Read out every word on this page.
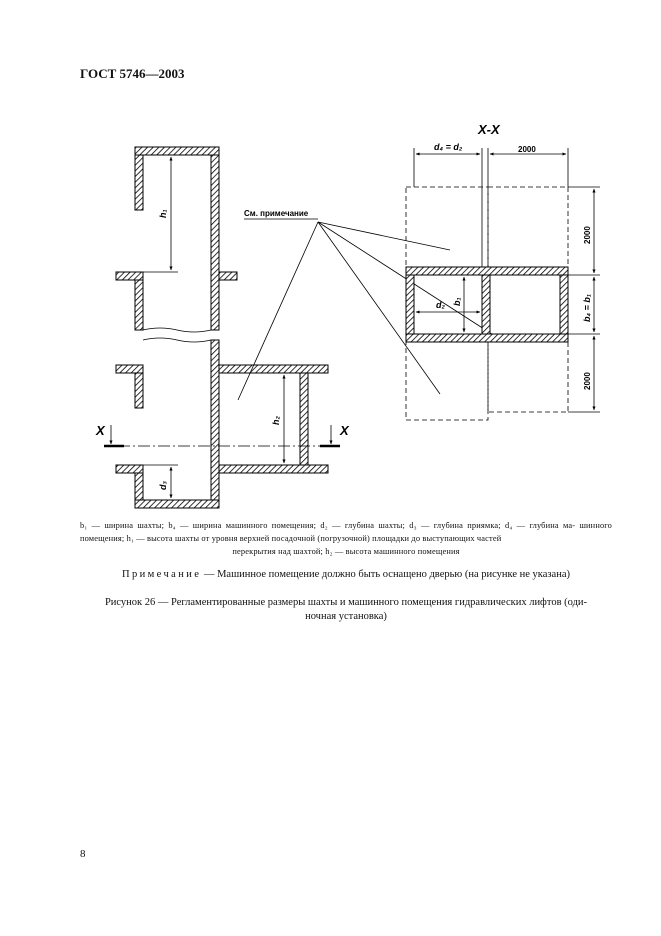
ГОСТ 5746—2003
h₁
h₂
d₃
X	X
См. примечание
X-X
d₄ = d₂	2000
d₂ b₁
2000
b₄ = b₁
2000
b₁ — ширина шахты; b₄ — ширина машинного помещения; d₂ — глубина шахты; d₃ — глубина приямка; d₄ — глубина ма- шинного помещения; h₁ — высота шахты от уровня верхней посадочной (погрузочной) площадки до выступающих частей
перекрытия над шахтой; h₂ — высота машинного помещения
Примечание — Машинное помещение должно быть оснащено дверью (на рисунке не указана)
Рисунок 26 — Регламентированные размеры шахты и машинного помещения гидравлических лифтов (оди-
ночная установка)
8
